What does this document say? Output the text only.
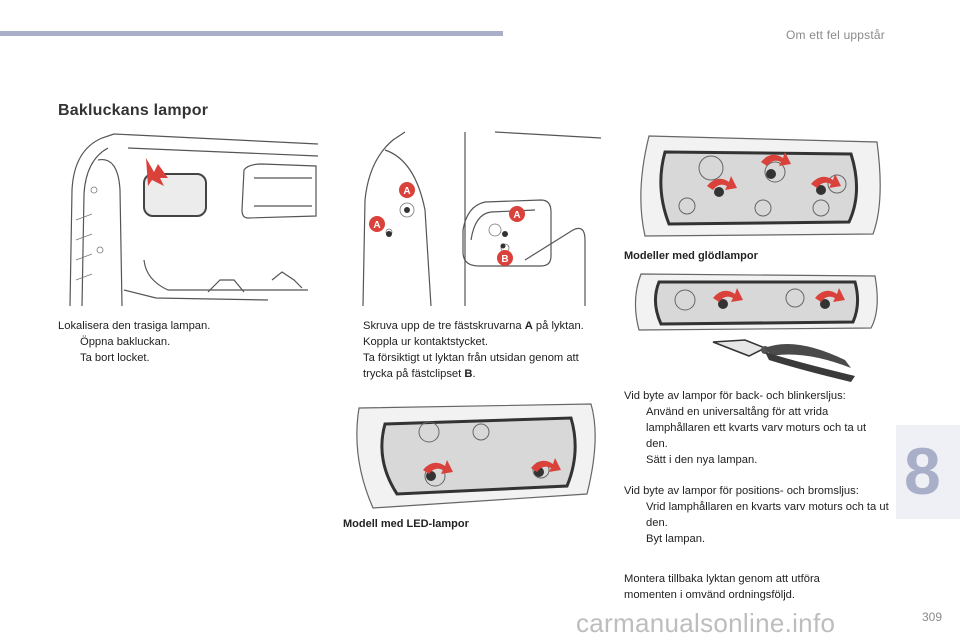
Om ett fel uppstår
Bakluckans lampor
A
A
A
B	Modeller med glödlampor
Modell med LED-lampor
Lokalisera den trasiga lampan.
Öppna bakluckan.
Ta bort locket.
Skruva upp de tre fästskruvarna A på lyktan.
Koppla ur kontaktstycket.
Ta försiktigt ut lyktan från utsidan genom att trycka på fästclipset B.
Vid byte av lampor för back- och blinkersljus:
Använd en universaltång för att vrida lamphållaren ett kvarts varv moturs och ta ut den.
Sätt i den nya lampan.
Vid byte av lampor för positions- och bromsljus:
Vrid lamphållaren en kvarts varv moturs och ta ut den.
Byt lampan.
Montera tillbaka lyktan genom att utföra momenten i omvänd ordningsföljd.
8
carmanualsonline.info	309
